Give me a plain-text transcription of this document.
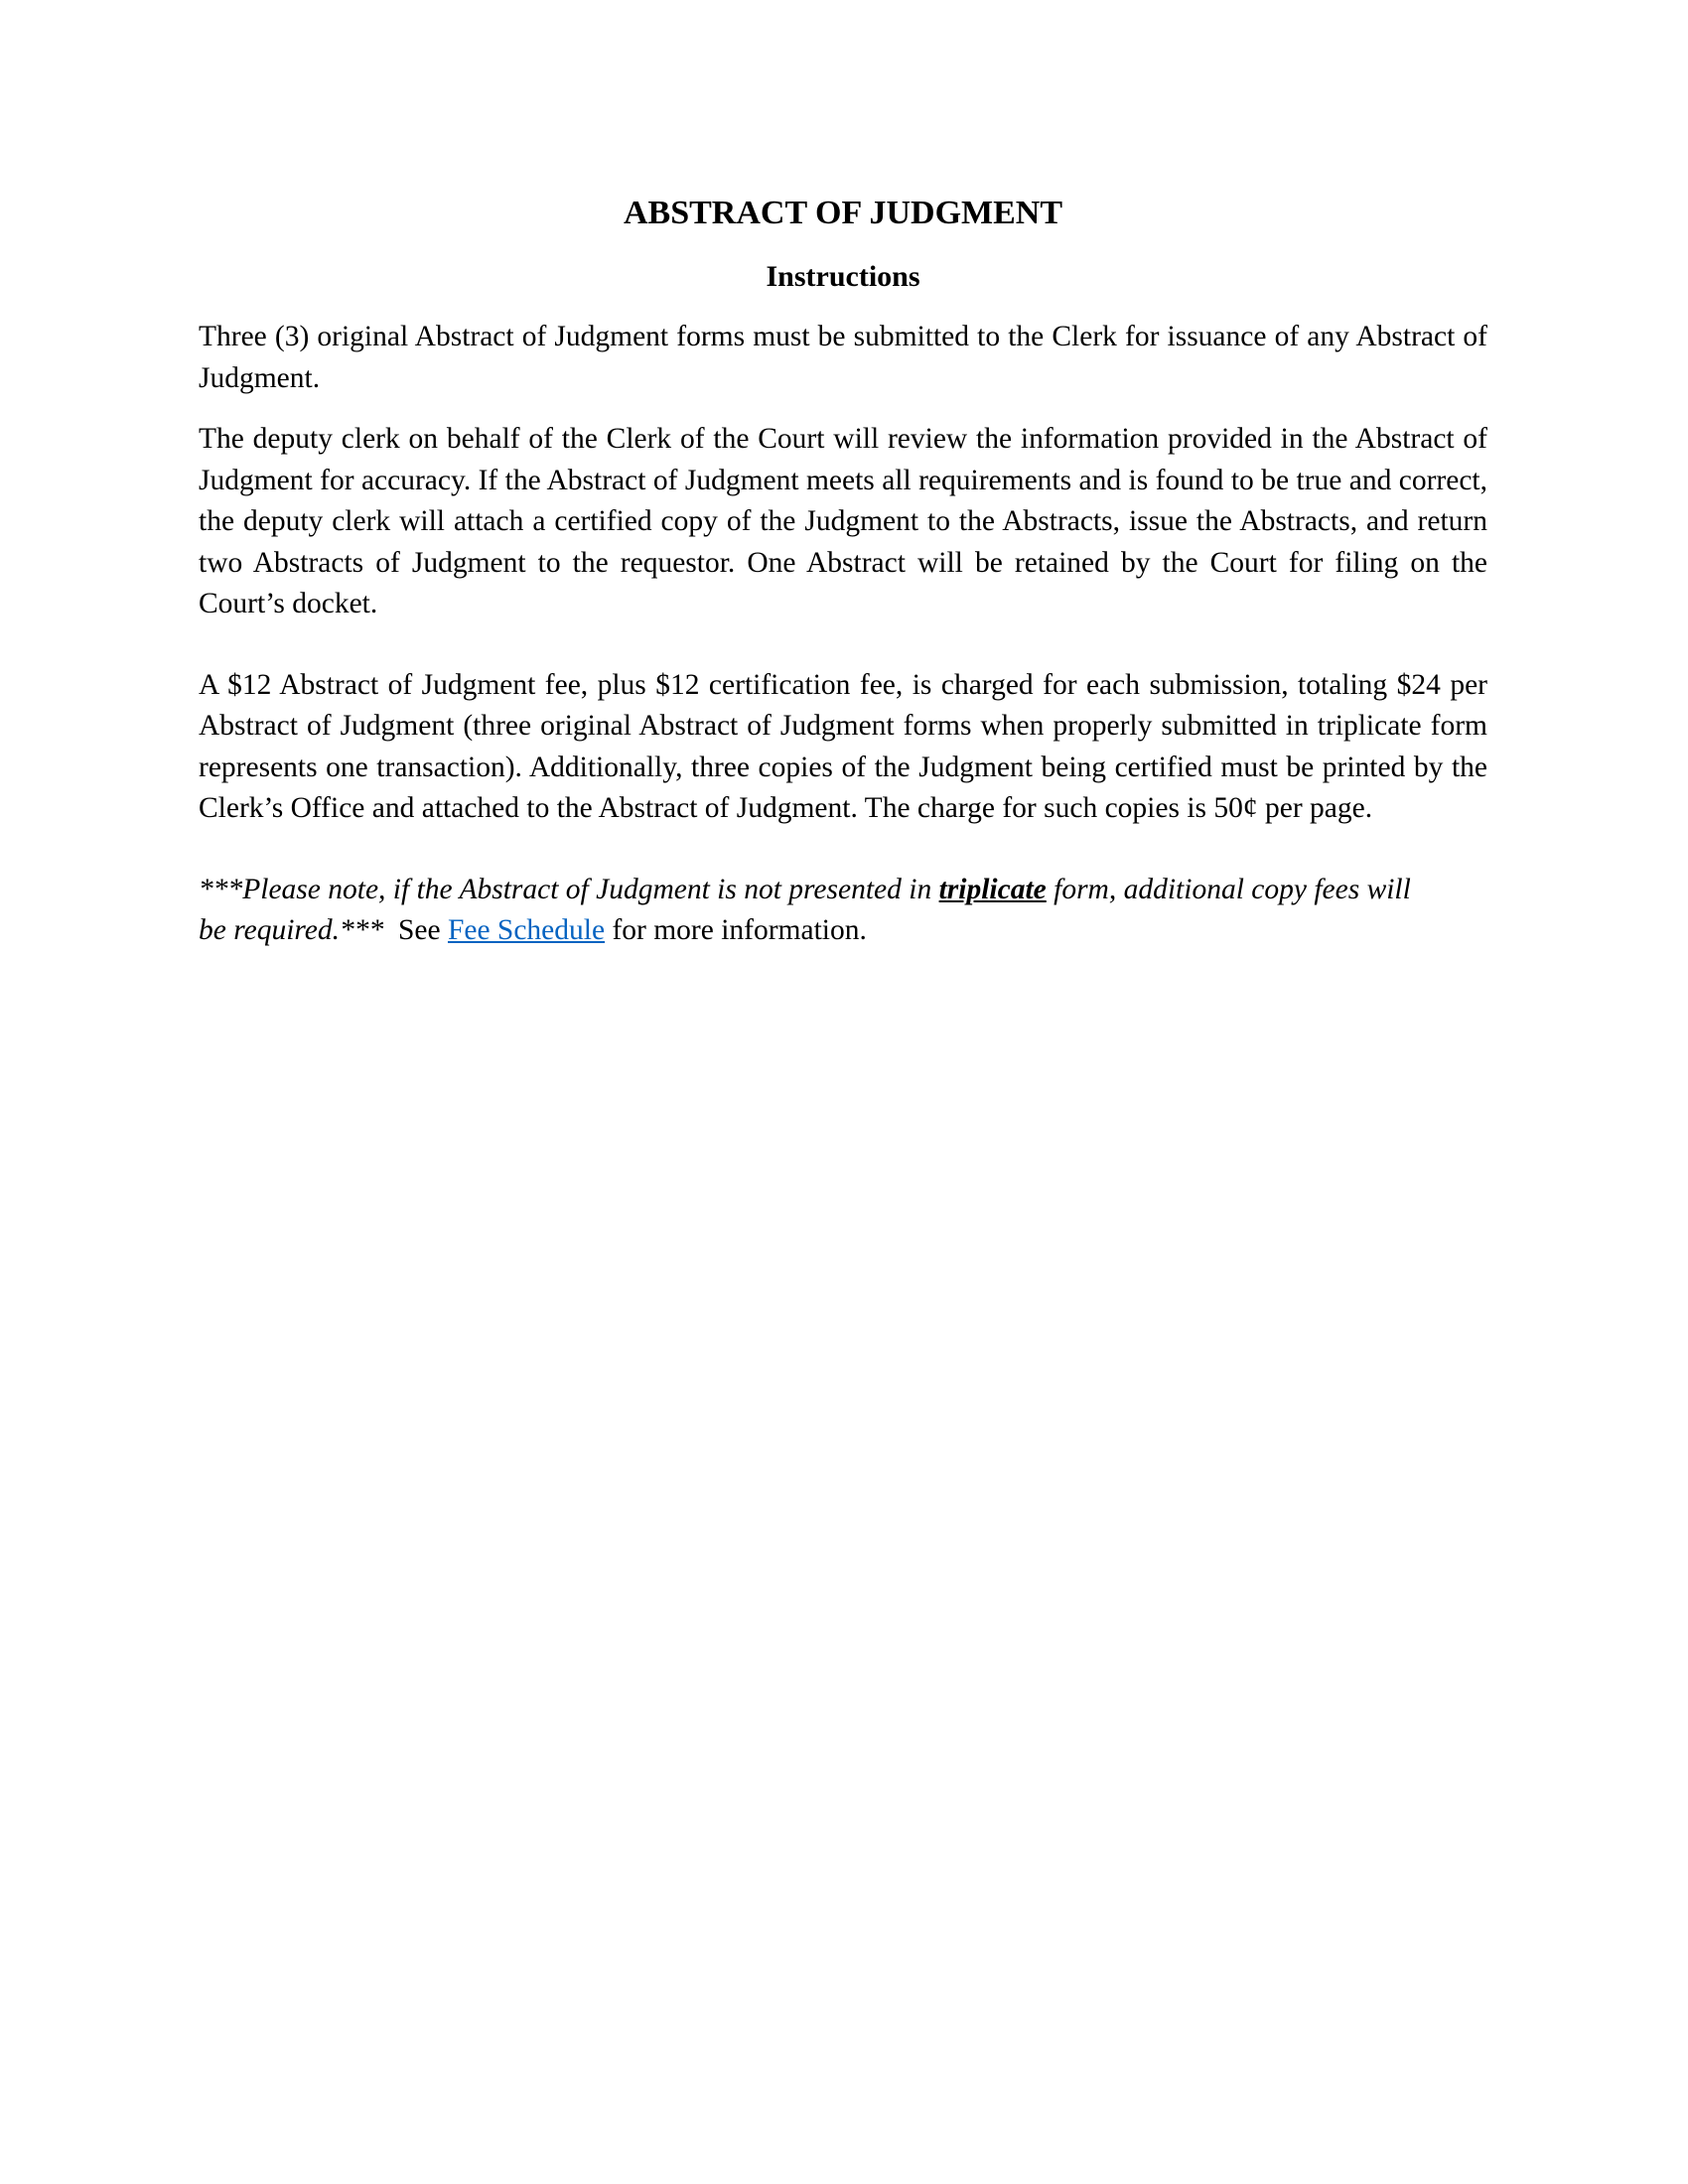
ABSTRACT OF JUDGMENT
Instructions

Three (3) original Abstract of Judgment forms must be submitted to the Clerk for issuance of any Abstract of Judgment.

The deputy clerk on behalf of the Clerk of the Court will review the information provided in the Abstract of Judgment for accuracy. If the Abstract of Judgment meets all requirements and is found to be true and correct, the deputy clerk will attach a certified copy of the Judgment to the Abstracts, issue the Abstracts, and return two Abstracts of Judgment to the requestor. One Abstract will be retained by the Court for filing on the Court’s docket.

A $12 Abstract of Judgment fee, plus $12 certification fee, is charged for each submission, totaling $24 per Abstract of Judgment (three original Abstract of Judgment forms when properly submitted in triplicate form represents one transaction). Additionally, three copies of the Judgment being certified must be printed by the Clerk’s Office and attached to the Abstract of Judgment. The charge for such copies is 50¢ per page.

***Please note, if the Abstract of Judgment is not presented in triplicate form, additional copy fees will be required.***  See Fee Schedule for more information.
